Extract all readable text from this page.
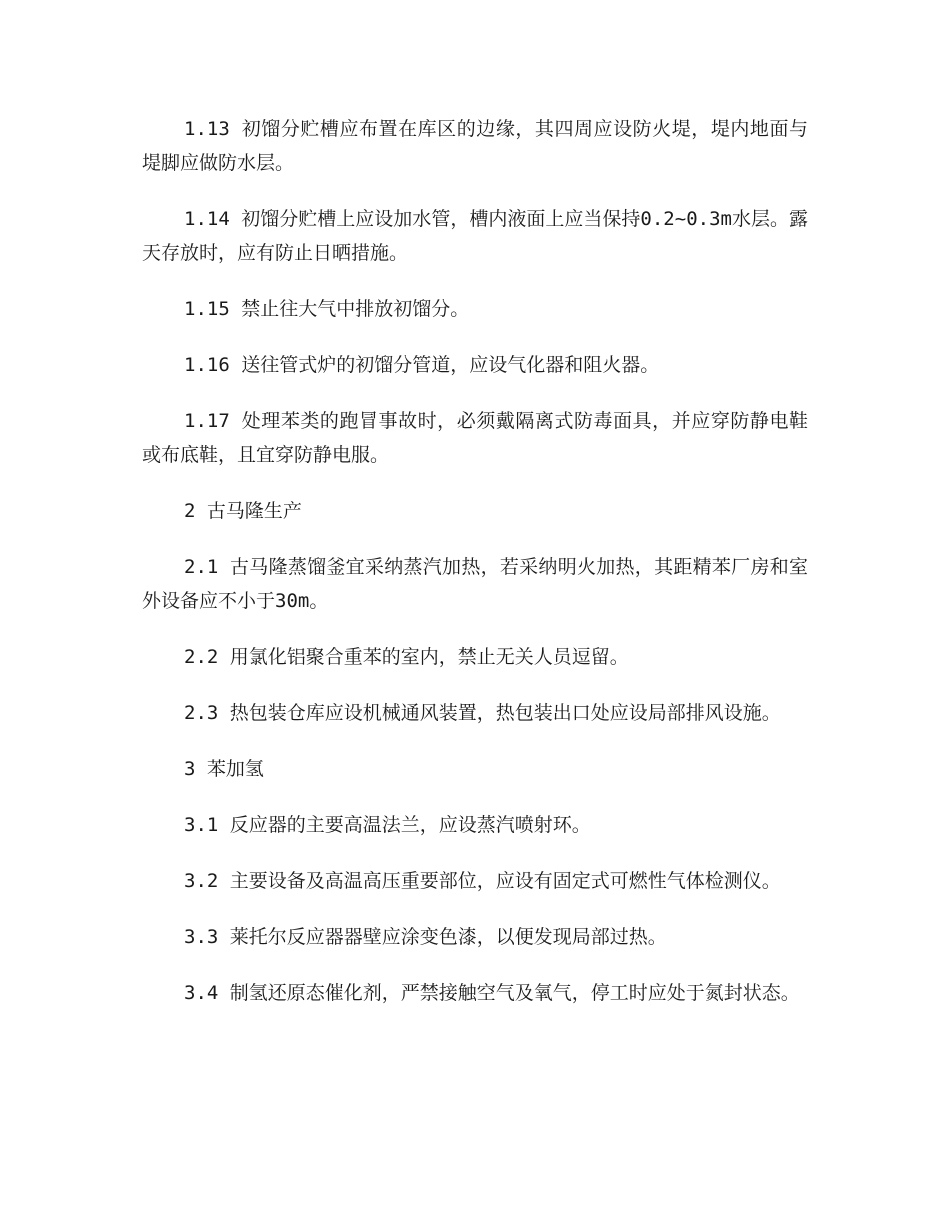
1.13 初馏分贮槽应布置在库区的边缘，其四周应设防火堤，堤内地面与堤脚应做防水层。

1.14 初馏分贮槽上应设加水管，槽内液面上应当保持0.2~0.3m水层。露天存放时，应有防止日晒措施。

1.15 禁止往大气中排放初馏分。

1.16 送往管式炉的初馏分管道，应设气化器和阻火器。

1.17 处理苯类的跑冒事故时，必须戴隔离式防毒面具，并应穿防静电鞋或布底鞋，且宜穿防静电服。

2 古马隆生产

2.1 古马隆蒸馏釜宜采纳蒸汽加热，若采纳明火加热，其距精苯厂房和室外设备应不小于30m。

2.2 用氯化铝聚合重苯的室内，禁止无关人员逗留。

2.3 热包装仓库应设机械通风装置，热包装出口处应设局部排风设施。

3 苯加氢

3.1 反应器的主要高温法兰，应设蒸汽喷射环。

3.2 主要设备及高温高压重要部位，应设有固定式可燃性气体检测仪。

3.3 莱托尔反应器器壁应涂变色漆，以便发现局部过热。

3.4 制氢还原态催化剂，严禁接触空气及氧气，停工时应处于氮封状态。
